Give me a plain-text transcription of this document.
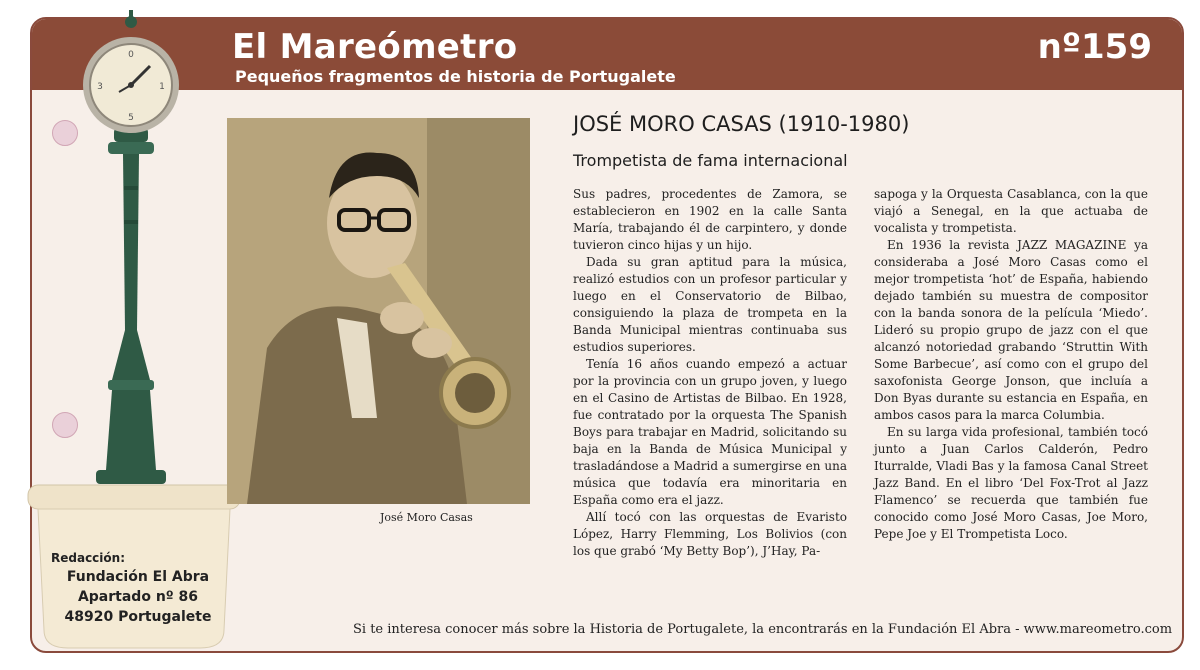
El Mareómetro
Pequeños fragmentos de historia de Portugalete
nº159
0
5
3	1
Redacción:
Fundación El Abra
Apartado nº 86
48920 Portugalete
José Moro Casas
JOSÉ MORO CASAS (1910-1980)
Trompetista de fama internacional

Sus padres, procedentes de Zamora, se establecieron en 1902 en la calle Santa María, trabajando él de carpintero, y donde tuvieron cinco hijas y un hijo.

Dada su gran aptitud para la música, realizó estudios con un profesor particular y luego en el Conservatorio de Bilbao, consiguiendo la plaza de trompeta en la Banda Municipal mientras continuaba sus estudios superiores.

Tenía 16 años cuando empezó a actuar por la provincia con un grupo joven, y luego en el Casino de Artistas de Bilbao. En 1928, fue contratado por la orquesta The Spanish Boys para trabajar en Madrid, solicitando su baja en la Banda de Música Municipal y trasladándose a Madrid a sumergirse en una música que todavía era minoritaria en España como era el jazz.

Allí tocó con las orquestas de Evaristo López, Harry Flemming, Los Bolivios (con los que grabó ‘My Betty Bop’), J’Hay, Pa-

sapoga y la Orquesta Casablanca, con la que viajó a Senegal, en la que actuaba de vocalista y trompetista.

En 1936 la revista JAZZ MAGAZINE ya consideraba a José Moro Casas como el mejor trompetista ‘hot’ de España, habiendo dejado también su muestra de compositor con la banda sonora de la película ‘Miedo’. Lideró su propio grupo de jazz con el que alcanzó notoriedad grabando ‘Struttin With Some Barbecue’, así como con el grupo del saxofonista George Jonson, que incluía a Don Byas durante su estancia en España, en ambos casos para la marca Columbia.

En su larga vida profesional, también tocó junto a Juan Carlos Calderón, Pedro Iturralde, Vladi Bas y la famosa Canal Street Jazz Band. En el libro ‘Del Fox-Trot al Jazz Flamenco’ se recuerda que también fue conocido como José Moro Casas, Joe Moro, Pepe Joe y El Trompetista Loco.

Si te interesa conocer más sobre la Historia de Portugalete, la encontrarás en la Fundación El Abra - www.mareometro.com
